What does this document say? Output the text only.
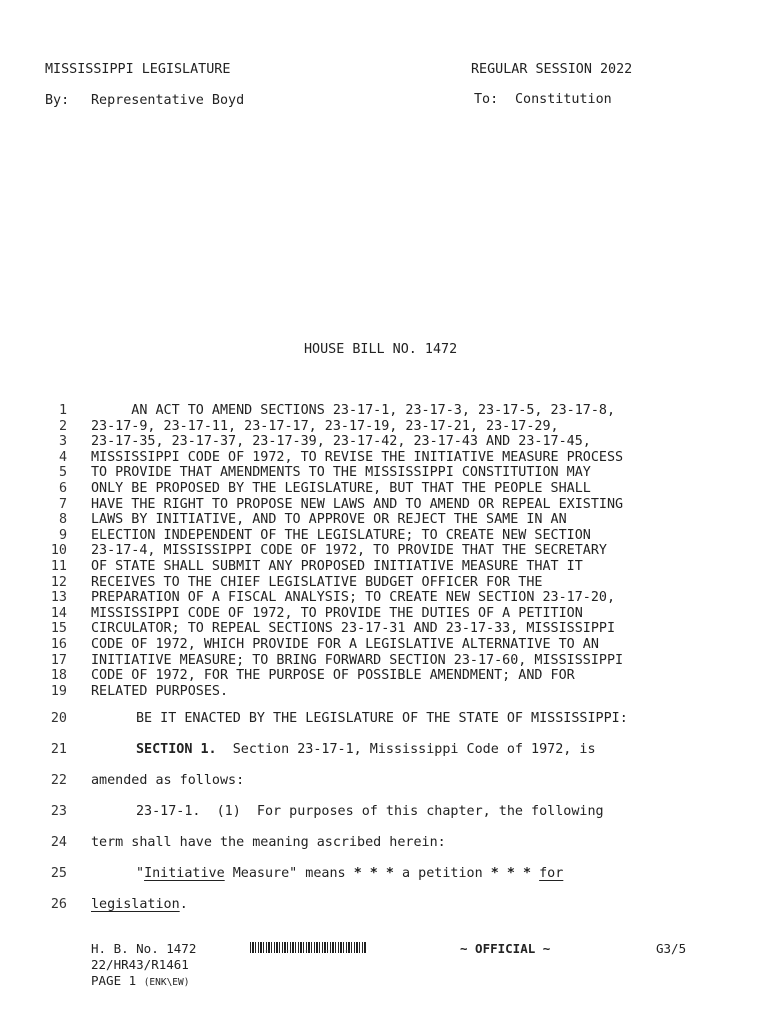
MISSISSIPPI LEGISLATURE	REGULAR SESSION 2022
By: Representative Boyd	To: Constitution
HOUSE BILL NO. 1472
1 AN ACT TO AMEND SECTIONS 23-17-1, 23-17-3, 23-17-5, 23-17-8,
2 23-17-9, 23-17-11, 23-17-17, 23-17-19, 23-17-21, 23-17-29,
3 23-17-35, 23-17-37, 23-17-39, 23-17-42, 23-17-43 AND 23-17-45,
4 MISSISSIPPI CODE OF 1972, TO REVISE THE INITIATIVE MEASURE PROCESS
5 TO PROVIDE THAT AMENDMENTS TO THE MISSISSIPPI CONSTITUTION MAY
6 ONLY BE PROPOSED BY THE LEGISLATURE, BUT THAT THE PEOPLE SHALL
7 HAVE THE RIGHT TO PROPOSE NEW LAWS AND TO AMEND OR REPEAL EXISTING
8 LAWS BY INITIATIVE, AND TO APPROVE OR REJECT THE SAME IN AN
9 ELECTION INDEPENDENT OF THE LEGISLATURE; TO CREATE NEW SECTION
10 23-17-4, MISSISSIPPI CODE OF 1972, TO PROVIDE THAT THE SECRETARY
11 OF STATE SHALL SUBMIT ANY PROPOSED INITIATIVE MEASURE THAT IT
12 RECEIVES TO THE CHIEF LEGISLATIVE BUDGET OFFICER FOR THE
13 PREPARATION OF A FISCAL ANALYSIS; TO CREATE NEW SECTION 23-17-20,
14 MISSISSIPPI CODE OF 1972, TO PROVIDE THE DUTIES OF A PETITION
15 CIRCULATOR; TO REPEAL SECTIONS 23-17-31 AND 23-17-33, MISSISSIPPI
16 CODE OF 1972, WHICH PROVIDE FOR A LEGISLATIVE ALTERNATIVE TO AN
17 INITIATIVE MEASURE; TO BRING FORWARD SECTION 23-17-60, MISSISSIPPI
18 CODE OF 1972, FOR THE PURPOSE OF POSSIBLE AMENDMENT; AND FOR
19 RELATED PURPOSES.
20	BE IT ENACTED BY THE LEGISLATURE OF THE STATE OF MISSISSIPPI:
21	SECTION 1.  Section 23-17-1, Mississippi Code of 1972, is
22 amended as follows:
23	23-17-1.  (1)  For purposes of this chapter, the following
24 term shall have the meaning ascribed herein:
25	"Initiative Measure" means * * * a petition * * * for
26 legislation.
H. B. No. 1472	~ OFFICIAL ~	G3/5
22/HR43/R1461
PAGE 1 (ENK\EW)
